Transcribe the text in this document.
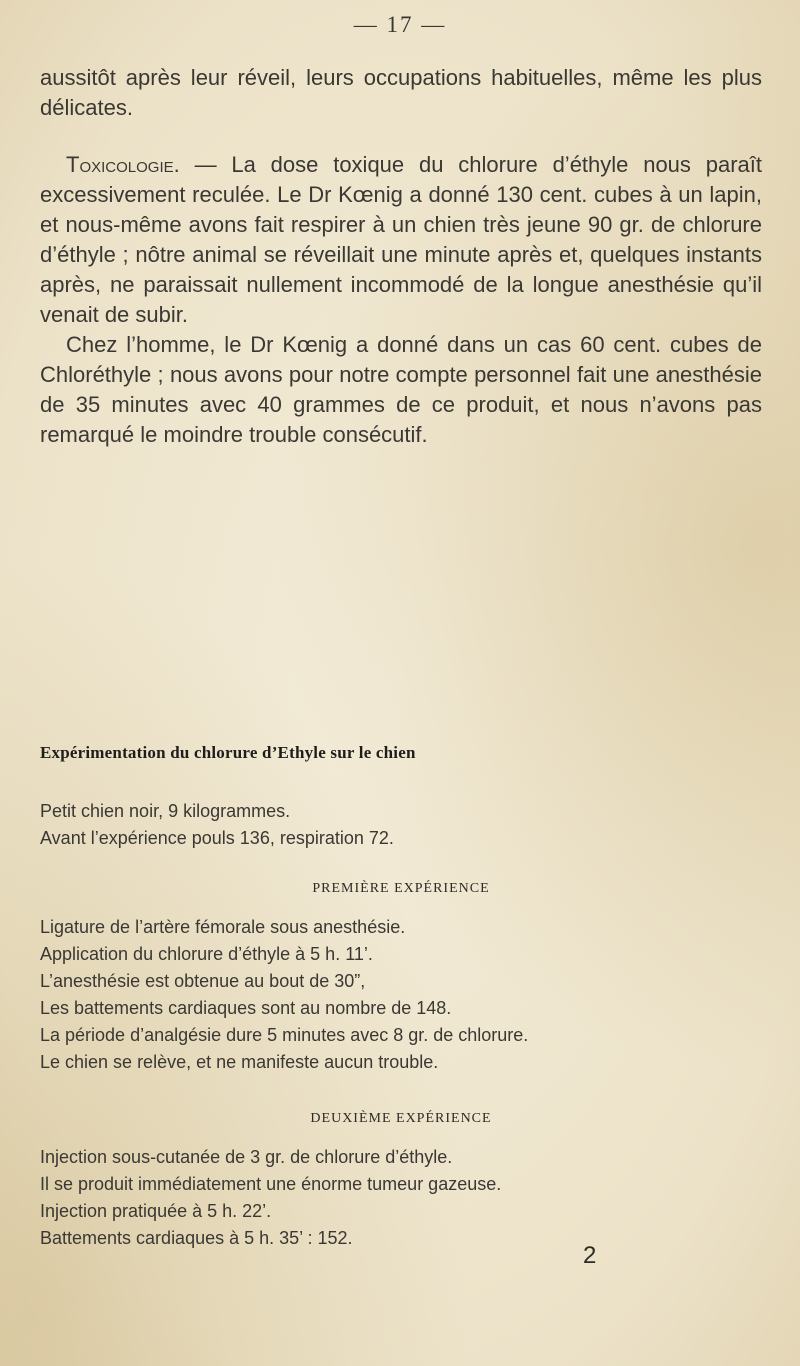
— 17 —

aussitôt après leur réveil, leurs occupations habituelles, même les plus délicates.

Toxicologie. — La dose toxique du chlorure d’éthyle nous paraît excessivement reculée. Le Dr Kœnig a donné 130 cent. cubes à un lapin, et nous-même avons fait respirer à un chien très jeune 90 gr. de chlorure d’éthyle ; nôtre animal se réveillait une minute après et, quelques instants après, ne paraissait nullement incommodé de la longue anesthésie qu’il venait de subir.

Chez l’homme, le Dr Kœnig a donné dans un cas 60 cent. cubes de Chloréthyle ; nous avons pour notre compte personnel fait une anesthésie de 35 minutes avec 40 grammes de ce produit, et nous n’avons pas remarqué le moindre trouble consécutif.

Expérimentation du chlorure d’Ethyle sur le chien

Petit chien noir, 9 kilogrammes.

Avant l’expérience pouls 136, respiration 72.

PREMIÈRE EXPÉRIENCE

Ligature de l’artère fémorale sous anesthésie.

Application du chlorure d’éthyle à 5 h. 11’.

L’anesthésie est obtenue au bout de 30”,

Les battements cardiaques sont au nombre de 148.

La période d’analgésie dure 5 minutes avec 8 gr. de chlorure.

Le chien se relève, et ne manifeste aucun trouble.

DEUXIÈME EXPÉRIENCE

Injection sous-cutanée de 3 gr. de chlorure d’éthyle.

Il se produit immédiatement une énorme tumeur gazeuse.

Injection pratiquée à 5 h. 22’.

Battements cardiaques à 5 h. 35’ : 152.

2
